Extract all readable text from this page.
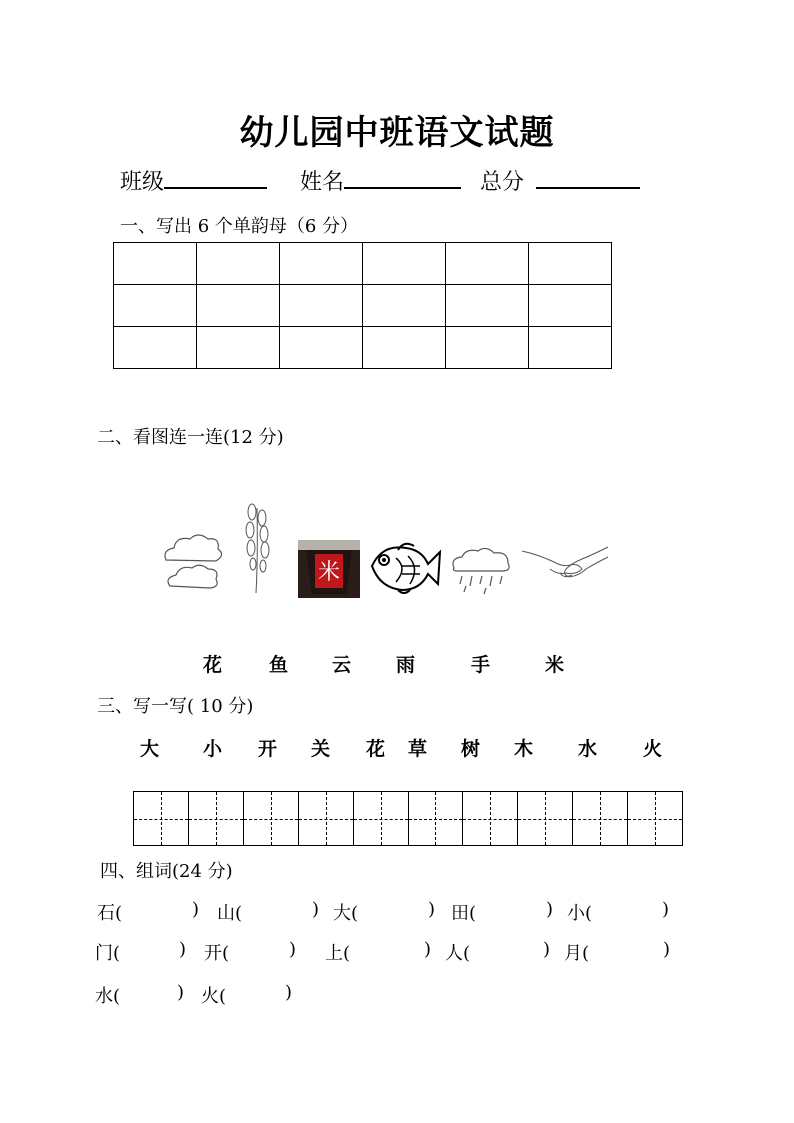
幼儿园中班语文试题
班级	姓名	总分
一、写出 6 个单韵母（6 分）

二、看图连一连(12 分)
米
花 鱼 云 雨	手	米
三、写一写( 10 分)
大 小 开 关 花 草 树 木 水 火
四、组词(24 分)
石(	) 山(	) 大(	) 田(	) 小(	)
门(	) 开(	) 上(	) 人(	) 月(	)
水(	) 火(	)
